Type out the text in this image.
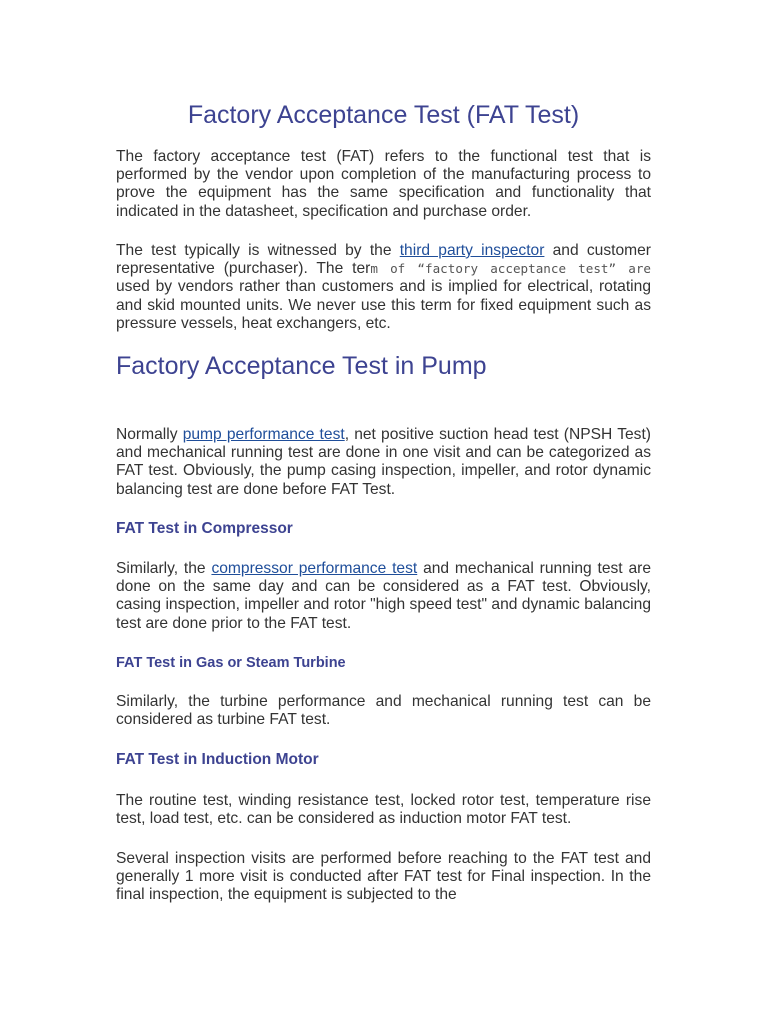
Factory Acceptance Test (FAT Test)

The factory acceptance test (FAT) refers to the functional test that is performed by the vendor upon completion of the manufacturing process to prove the equipment has the same specification and functionality that indicated in the datasheet, specification and purchase order.

The test typically is witnessed by the third party inspector and customer representative (purchaser). The term of “factory acceptance test” are used by vendors rather than customers and is implied for electrical, rotating and skid mounted units. We never use this term for fixed equipment such as pressure vessels, heat exchangers, etc.

Factory Acceptance Test in Pump

Normally pump performance test, net positive suction head test (NPSH Test) and mechanical running test are done in one visit and can be categorized as FAT test. Obviously, the pump casing inspection, impeller, and rotor dynamic balancing test are done before FAT Test.

FAT Test in Compressor

Similarly, the compressor performance test and mechanical running test are done on the same day and can be considered as a FAT test. Obviously, casing inspection, impeller and rotor "high speed test" and dynamic balancing test are done prior to the FAT test.

FAT Test in Gas or Steam Turbine

Similarly, the turbine performance and mechanical running test can be considered as turbine FAT test.

FAT Test in Induction Motor

The routine test, winding resistance test, locked rotor test, temperature rise test, load test, etc. can be considered as induction motor FAT test.

Several inspection visits are performed before reaching to the FAT test and generally 1 more visit is conducted after FAT test for Final inspection. In the final inspection, the equipment is subjected to the
